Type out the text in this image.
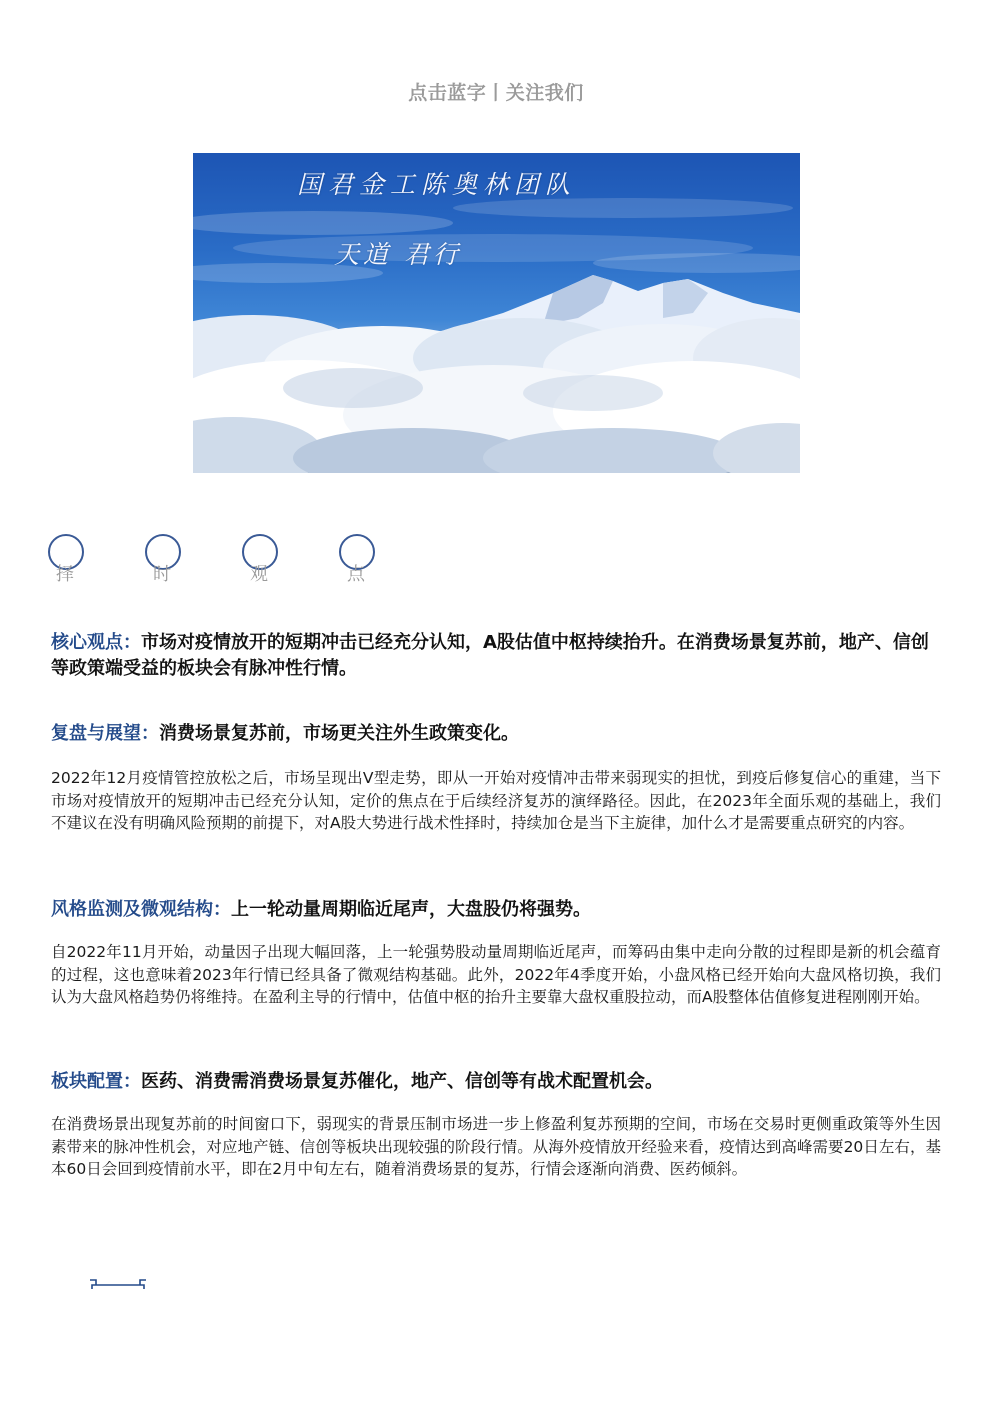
点击蓝字丨关注我们
国君金工陈奥林团队
天道 君行
择	时	观	点
核心观点：市场对疫情放开的短期冲击已经充分认知，A股估值中枢持续抬升。在消费场景复苏前，地产、信创等政策端受益的板块会有脉冲性行情。
复盘与展望：消费场景复苏前，市场更关注外生政策变化。
2022年12月疫情管控放松之后，市场呈现出V型走势，即从一开始对疫情冲击带来弱现实的担忧，到疫后修复信心的重建，当下市场对疫情放开的短期冲击已经充分认知，定价的焦点在于后续经济复苏的演绎路径。因此，在2023年全面乐观的基础上，我们不建议在没有明确风险预期的前提下，对A股大势进行战术性择时，持续加仓是当下主旋律，加什么才是需要重点研究的内容。
风格监测及微观结构：上一轮动量周期临近尾声，大盘股仍将强势。
自2022年11月开始，动量因子出现大幅回落，上一轮强势股动量周期临近尾声，而筹码由集中走向分散的过程即是新的机会蕴育的过程，这也意味着2023年行情已经具备了微观结构基础。此外，2022年4季度开始，小盘风格已经开始向大盘风格切换，我们认为大盘风格趋势仍将维持。在盈利主导的行情中，估值中枢的抬升主要靠大盘权重股拉动，而A股整体估值修复进程刚刚开始。
板块配置：医药、消费需消费场景复苏催化，地产、信创等有战术配置机会。
在消费场景出现复苏前的时间窗口下，弱现实的背景压制市场进一步上修盈利复苏预期的空间，市场在交易时更侧重政策等外生因素带来的脉冲性机会，对应地产链、信创等板块出现较强的阶段行情。从海外疫情放开经验来看，疫情达到高峰需要20日左右，基本60日会回到疫情前水平，即在2月中旬左右，随着消费场景的复苏，行情会逐渐向消费、医药倾斜。
